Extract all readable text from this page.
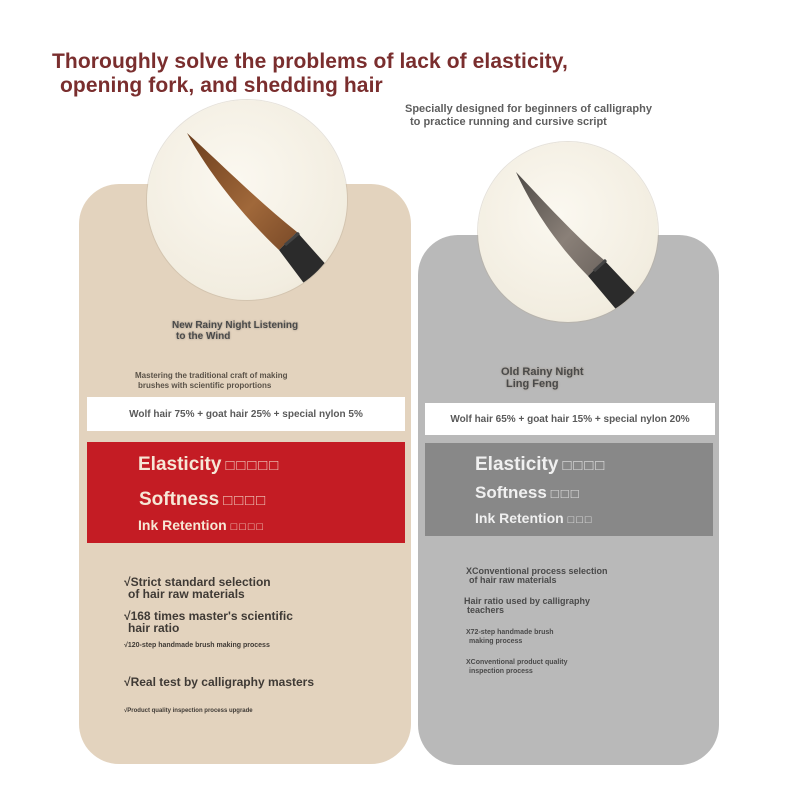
Thoroughly solve the problems of lack of elasticity,
opening fork, and shedding hair
Specially designed for beginners of calligraphy
to practice running and cursive script
New Rainy Night Listening
to the Wind
Mastering the traditional craft of making
brushes with scientific proportions
Wolf hair 75% + goat hair 25% + special nylon 5%
Elasticity □□□□□
Softness □□□□
Ink Retention □□□□
√Strict standard selection
of hair raw materials
√168 times master's scientific
hair ratio
√120-step handmade brush making process
√Real test by calligraphy masters
√Product quality inspection process upgrade
Old Rainy Night
Ling Feng
Wolf hair 65% + goat hair 15% + special nylon 20%
Elasticity □□□□
Softness □□□
Ink Retention □□□
XConventional process selection
of hair raw materials
Hair ratio used by calligraphy
teachers
X72-step handmade brush
making process
XConventional product quality
inspection process
